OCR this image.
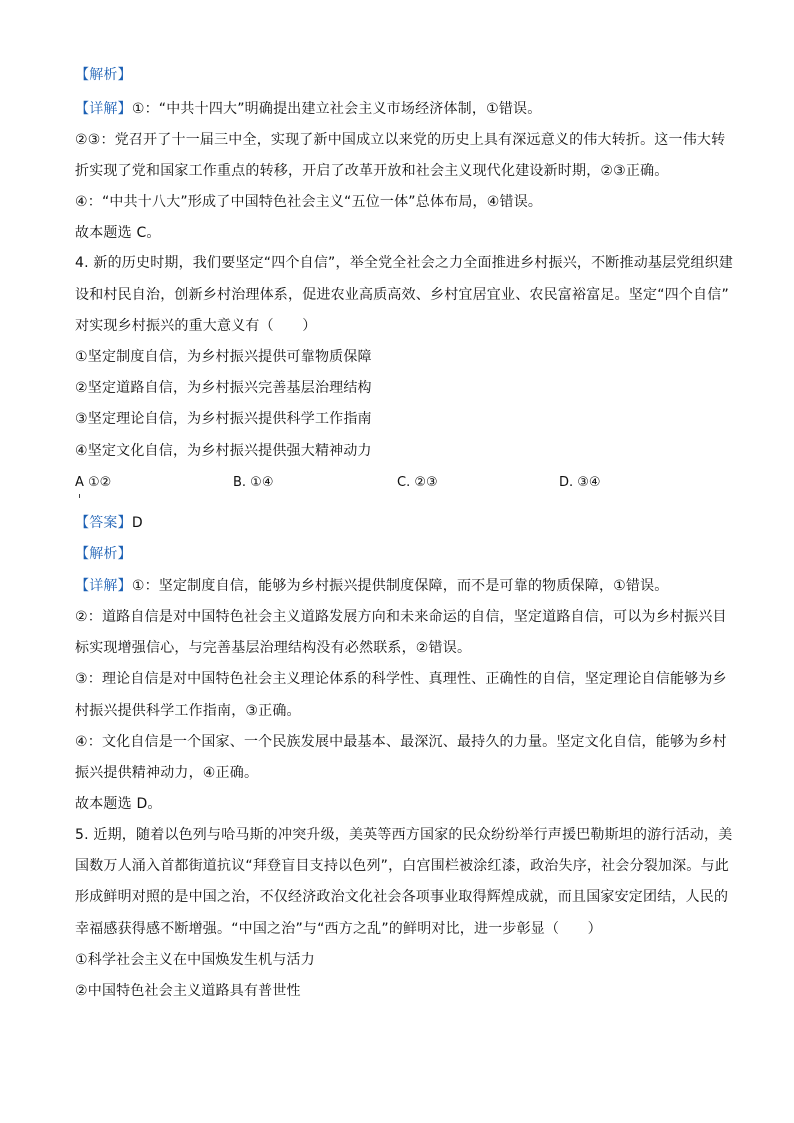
【解析】
【详解】①：“中共十四大”明确提出建立社会主义市场经济体制，①错误。
②③：党召开了十一届三中全，实现了新中国成立以来党的历史上具有深远意义的伟大转折。这一伟大转
折实现了党和国家工作重点的转移，开启了改革开放和社会主义现代化建设新时期，②③正确。
④：“中共十八大”形成了中国特色社会主义“五位一体”总体布局，④错误。
故本题选 C。
4. 新的历史时期，我们要坚定“四个自信”，举全党全社会之力全面推进乡村振兴，不断推动基层党组织建
设和村民自治，创新乡村治理体系，促进农业高质高效、乡村宜居宜业、农民富裕富足。坚定“四个自信”
对实现乡村振兴的重大意义有（　　）
①坚定制度自信，为乡村振兴提供可靠物质保障
②坚定道路自信，为乡村振兴完善基层治理结构
③坚定理论自信，为乡村振兴提供科学工作指南
④坚定文化自信，为乡村振兴提供强大精神动力
A ①②	B. ①④	C. ②③	D. ③④
【答案】D
【解析】
【详解】①：坚定制度自信，能够为乡村振兴提供制度保障，而不是可靠的物质保障，①错误。
②：道路自信是对中国特色社会主义道路发展方向和未来命运的自信，坚定道路自信，可以为乡村振兴目
标实现增强信心，与完善基层治理结构没有必然联系，②错误。
③：理论自信是对中国特色社会主义理论体系的科学性、真理性、正确性的自信，坚定理论自信能够为乡
村振兴提供科学工作指南，③正确。
④：文化自信是一个国家、一个民族发展中最基本、最深沉、最持久的力量。坚定文化自信，能够为乡村
振兴提供精神动力，④正确。
故本题选 D。
5. 近期，随着以色列与哈马斯的冲突升级，美英等西方国家的民众纷纷举行声援巴勒斯坦的游行活动，美
国数万人涌入首都街道抗议“拜登盲目支持以色列”，白宫围栏被涂红漆，政治失序，社会分裂加深。与此
形成鲜明对照的是中国之治，不仅经济政治文化社会各项事业取得辉煌成就，而且国家安定团结，人民的
幸福感获得感不断增强。“中国之治”与“西方之乱”的鲜明对比，进一步彰显（　　）
①科学社会主义在中国焕发生机与活力
②中国特色社会主义道路具有普世性
